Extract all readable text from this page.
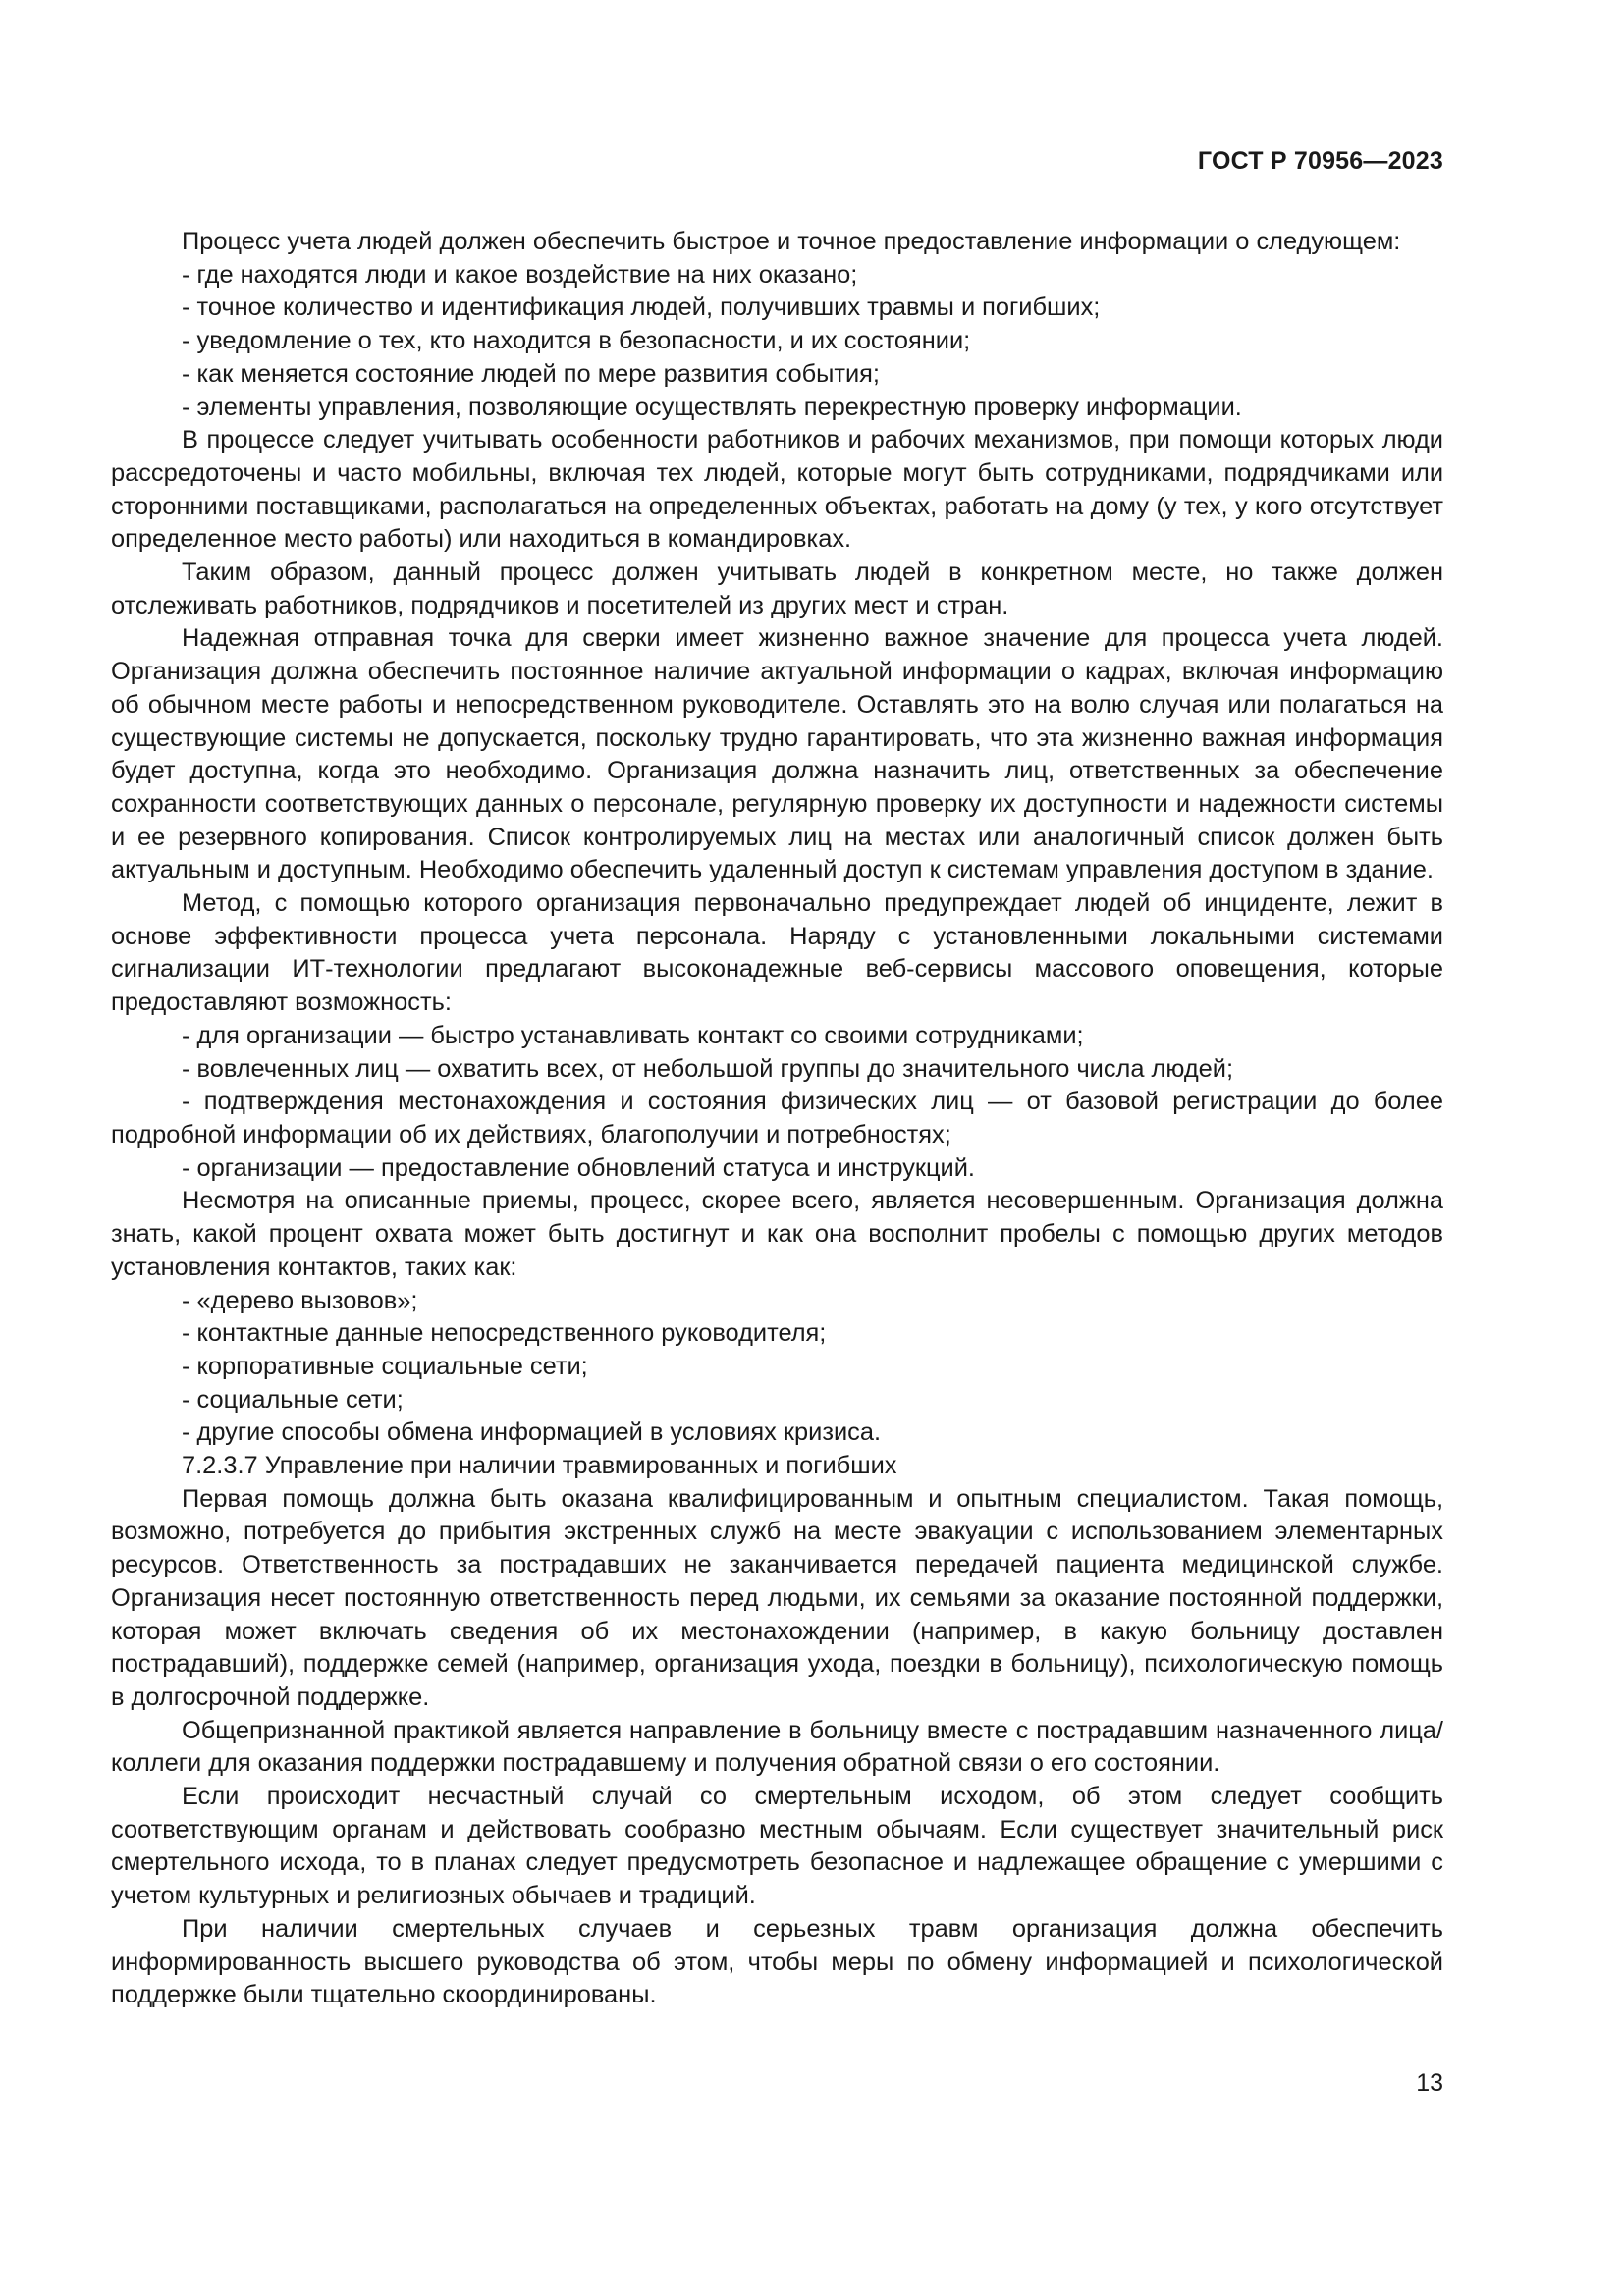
ГОСТ Р 70956—2023

Процесс учета людей должен обеспечить быстрое и точное предоставление информации о следующем:

- где находятся люди и какое воздействие на них оказано;

- точное количество и идентификация людей, получивших травмы и погибших;

- уведомление о тех, кто находится в безопасности, и их состоянии;

- как меняется состояние людей по мере развития события;

- элементы управления, позволяющие осуществлять перекрестную проверку информации.

В процессе следует учитывать особенности работников и рабочих механизмов, при помощи которых люди рассредоточены и часто мобильны, включая тех людей, которые могут быть сотрудниками, подрядчиками или сторонними поставщиками, располагаться на определенных объектах, работать на дому (у тех, у кого отсутствует определенное место работы) или находиться в командировках.

Таким образом, данный процесс должен учитывать людей в конкретном месте, но также должен отслеживать работников, подрядчиков и посетителей из других мест и стран.

Надежная отправная точка для сверки имеет жизненно важное значение для процесса учета людей. Организация должна обеспечить постоянное наличие актуальной информации о кадрах, включая информацию об обычном месте работы и непосредственном руководителе. Оставлять это на волю случая или полагаться на существующие системы не допускается, поскольку трудно гарантировать, что эта жизненно важная информация будет доступна, когда это необходимо. Организация должна назначить лиц, ответственных за обеспечение сохранности соответствующих данных о персонале, регулярную проверку их доступности и надежности системы и ее резервного копирования. Список контролируемых лиц на местах или аналогичный список должен быть актуальным и доступным. Необходимо обеспечить удаленный доступ к системам управления доступом в здание.

Метод, с помощью которого организация первоначально предупреждает людей об инциденте, лежит в основе эффективности процесса учета персонала. Наряду с установленными локальными системами сигнализации ИТ-технологии предлагают высоконадежные веб-сервисы массового оповещения, которые предоставляют возможность:

- для организации — быстро устанавливать контакт со своими сотрудниками;

- вовлеченных лиц — охватить всех, от небольшой группы до значительного числа людей;

- подтверждения местонахождения и состояния физических лиц — от базовой регистрации до более подробной информации об их действиях, благополучии и потребностях;

- организации — предоставление обновлений статуса и инструкций.

Несмотря на описанные приемы, процесс, скорее всего, является несовершенным. Организация должна знать, какой процент охвата может быть достигнут и как она восполнит пробелы с помощью других методов установления контактов, таких как:

- «дерево вызовов»;

- контактные данные непосредственного руководителя;

- корпоративные социальные сети;

- социальные сети;

- другие способы обмена информацией в условиях кризиса.

7.2.3.7 Управление при наличии травмированных и погибших

Первая помощь должна быть оказана квалифицированным и опытным специалистом. Такая помощь, возможно, потребуется до прибытия экстренных служб на месте эвакуации с использованием элементарных ресурсов. Ответственность за пострадавших не заканчивается передачей пациента медицинской службе. Организация несет постоянную ответственность перед людьми, их семьями за оказание постоянной поддержки, которая может включать сведения об их местонахождении (например, в какую больницу доставлен пострадавший), поддержке семей (например, организация ухода, поездки в больницу), психологическую помощь в долгосрочной поддержке.

Общепризнанной практикой является направление в больницу вместе с пострадавшим назначенного лица/коллеги для оказания поддержки пострадавшему и получения обратной связи о его состоянии.

Если происходит несчастный случай со смертельным исходом, об этом следует сообщить соответствующим органам и действовать сообразно местным обычаям. Если существует значительный риск смертельного исхода, то в планах следует предусмотреть безопасное и надлежащее обращение с умершими с учетом культурных и религиозных обычаев и традиций.

При наличии смертельных случаев и серьезных травм организация должна обеспечить информированность высшего руководства об этом, чтобы меры по обмену информацией и психологической поддержке были тщательно скоординированы.

13
